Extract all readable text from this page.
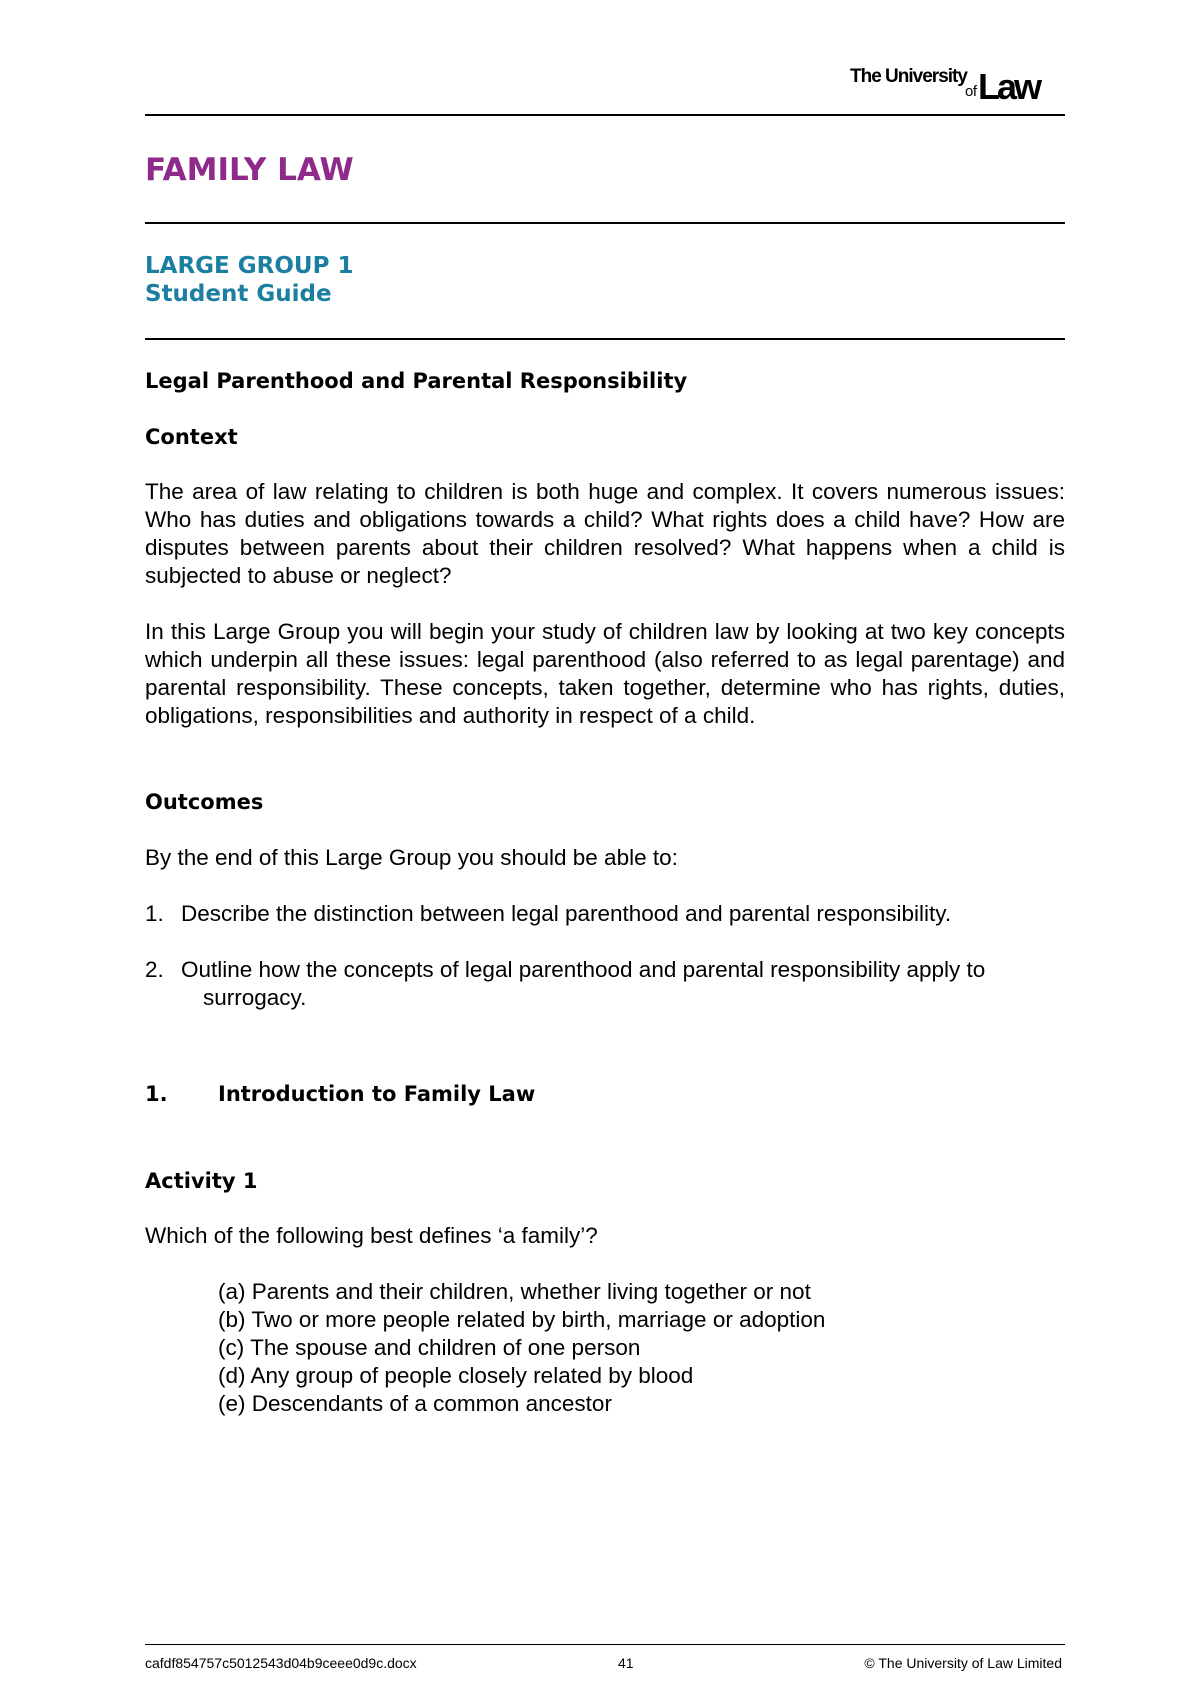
The University
of Law
FAMILY LAW
LARGE GROUP 1
Student Guide
Legal Parenthood and Parental Responsibility
Context
The area of law relating to children is both huge and complex. It covers numerous issues: Who has duties and obligations towards a child? What rights does a child have? How are disputes between parents about their children resolved? What happens when a child is subjected to abuse or neglect?
In this Large Group you will begin your study of children law by looking at two key concepts which underpin all these issues: legal parenthood (also referred to as legal parentage) and parental responsibility. These concepts, taken together, determine who has rights, duties, obligations, responsibilities and authority in respect of a child.
Outcomes
By the end of this Large Group you should be able to:
1. Describe the distinction between legal parenthood and parental responsibility.
2. Outline how the concepts of legal parenthood and parental responsibility apply to
surrogacy.
1. Introduction to Family Law
Activity 1
Which of the following best defines ‘a family’?
(a) Parents and their children, whether living together or not
(b) Two or more people related by birth, marriage or adoption
(c) The spouse and children of one person
(d) Any group of people closely related by blood
(e) Descendants of a common ancestor
cafdf854757c5012543d04b9ceee0d9c.docx	41	© The University of Law Limited
